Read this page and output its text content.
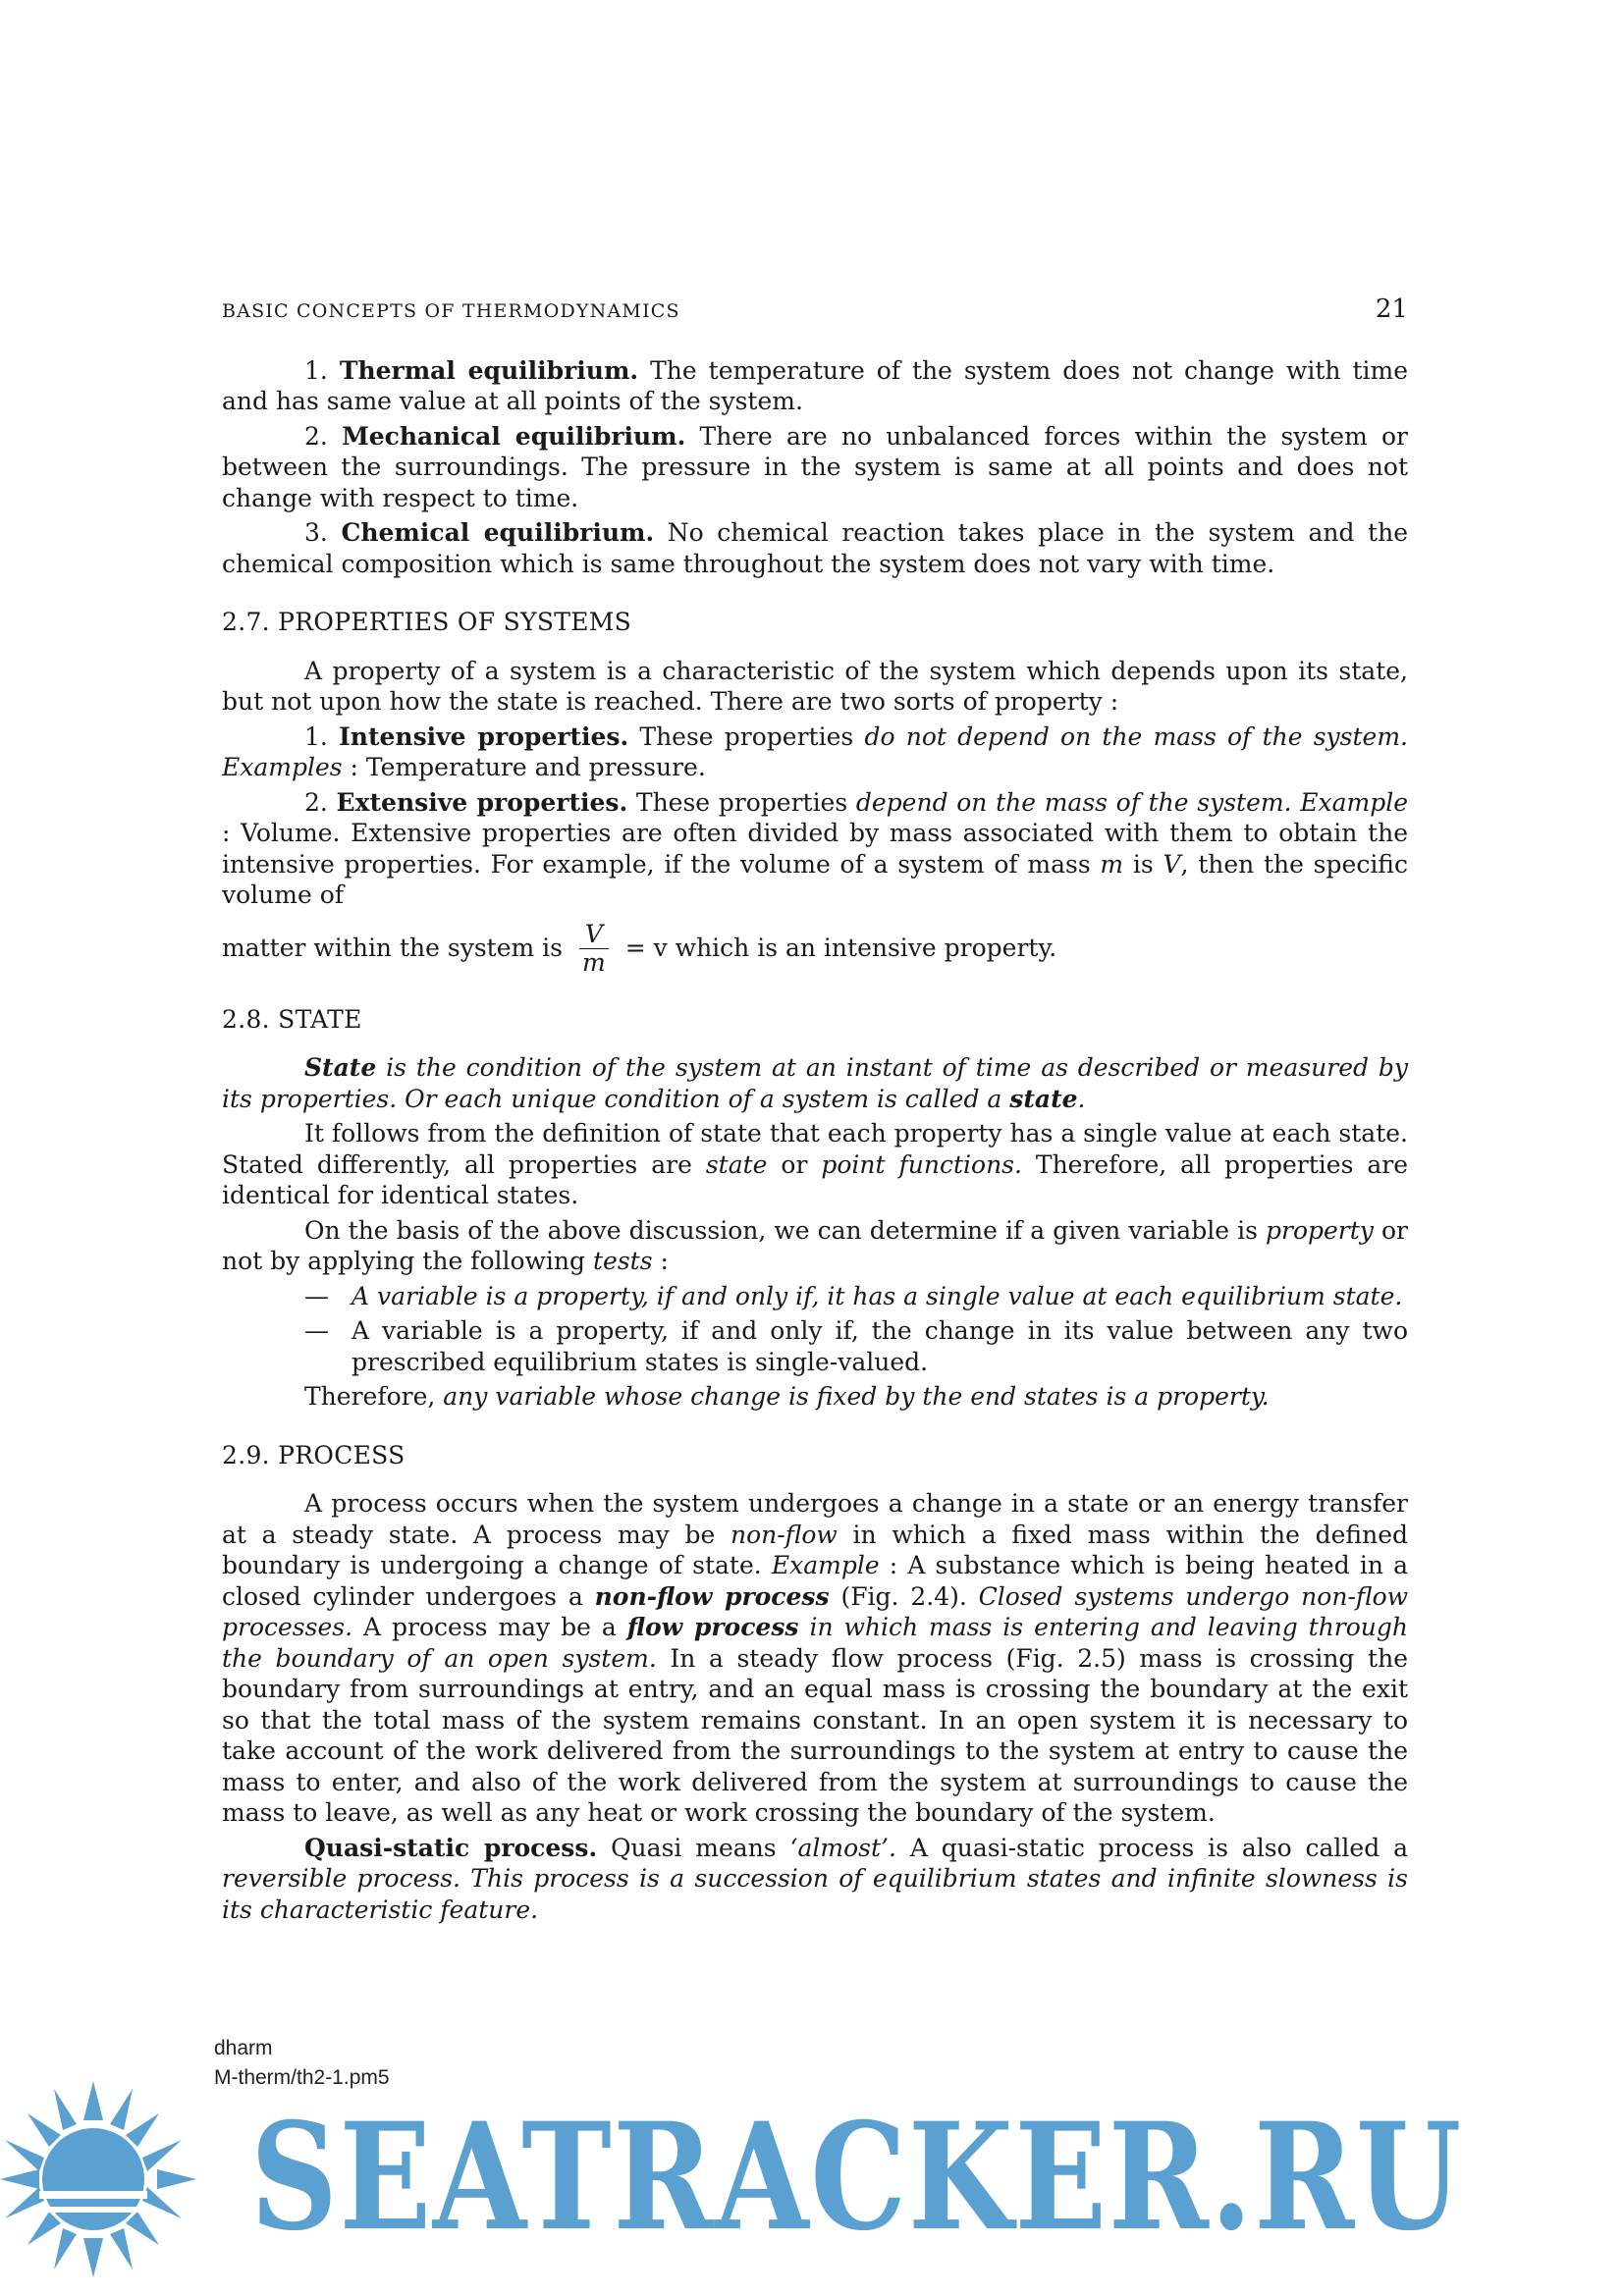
BASIC CONCEPTS OF THERMODYNAMICS	21

1. Thermal equilibrium. The temperature of the system does not change with time and has same value at all points of the system.

2. Mechanical equilibrium. There are no unbalanced forces within the system or between the surroundings. The pressure in the system is same at all points and does not change with respect to time.

3. Chemical equilibrium. No chemical reaction takes place in the system and the chemical composition which is same throughout the system does not vary with time.

2.7. PROPERTIES OF SYSTEMS

A property of a system is a characteristic of the system which depends upon its state, but not upon how the state is reached. There are two sorts of property :

1. Intensive properties. These properties do not depend on the mass of the system. Examples : Temperature and pressure.

2. Extensive properties. These properties depend on the mass of the system. Example : Volume. Extensive properties are often divided by mass associated with them to obtain the intensive properties. For example, if the volume of a system of mass m is V, then the specific volume of

matter within the system is $\frac{V}{m} = v$ which is an intensive property.
2.8. STATE

State is the condition of the system at an instant of time as described or measured by its properties. Or each unique condition of a system is called a state.

It follows from the definition of state that each property has a single value at each state. Stated differently, all properties are state or point functions. Therefore, all properties are identical for identical states.

On the basis of the above discussion, we can determine if a given variable is property or not by applying the following tests :

— A variable is a property, if and only if, it has a single value at each equilibrium state.
— A variable is a property, if and only if, the change in its value between any two prescribed equilibrium states is single-valued.

Therefore, any variable whose change is fixed by the end states is a property.

2.9. PROCESS

A process occurs when the system undergoes a change in a state or an energy transfer at a steady state. A process may be non-flow in which a fixed mass within the defined boundary is undergoing a change of state. Example : A substance which is being heated in a closed cylinder undergoes a non-flow process (Fig. 2.4). Closed systems undergo non-flow processes. A process may be a flow process in which mass is entering and leaving through the boundary of an open system. In a steady flow process (Fig. 2.5) mass is crossing the boundary from surroundings at entry, and an equal mass is crossing the boundary at the exit so that the total mass of the system remains constant. In an open system it is necessary to take account of the work delivered from the surroundings to the system at entry to cause the mass to enter, and also of the work delivered from the system at surroundings to cause the mass to leave, as well as any heat or work crossing the boundary of the system.

Quasi-static process. Quasi means ‘almost’. A quasi-static process is also called a reversible process. This process is a succession of equilibrium states and infinite slowness is its characteristic feature.

dharm
M-therm/th2-1.pm5
SEATRACKER.RU
